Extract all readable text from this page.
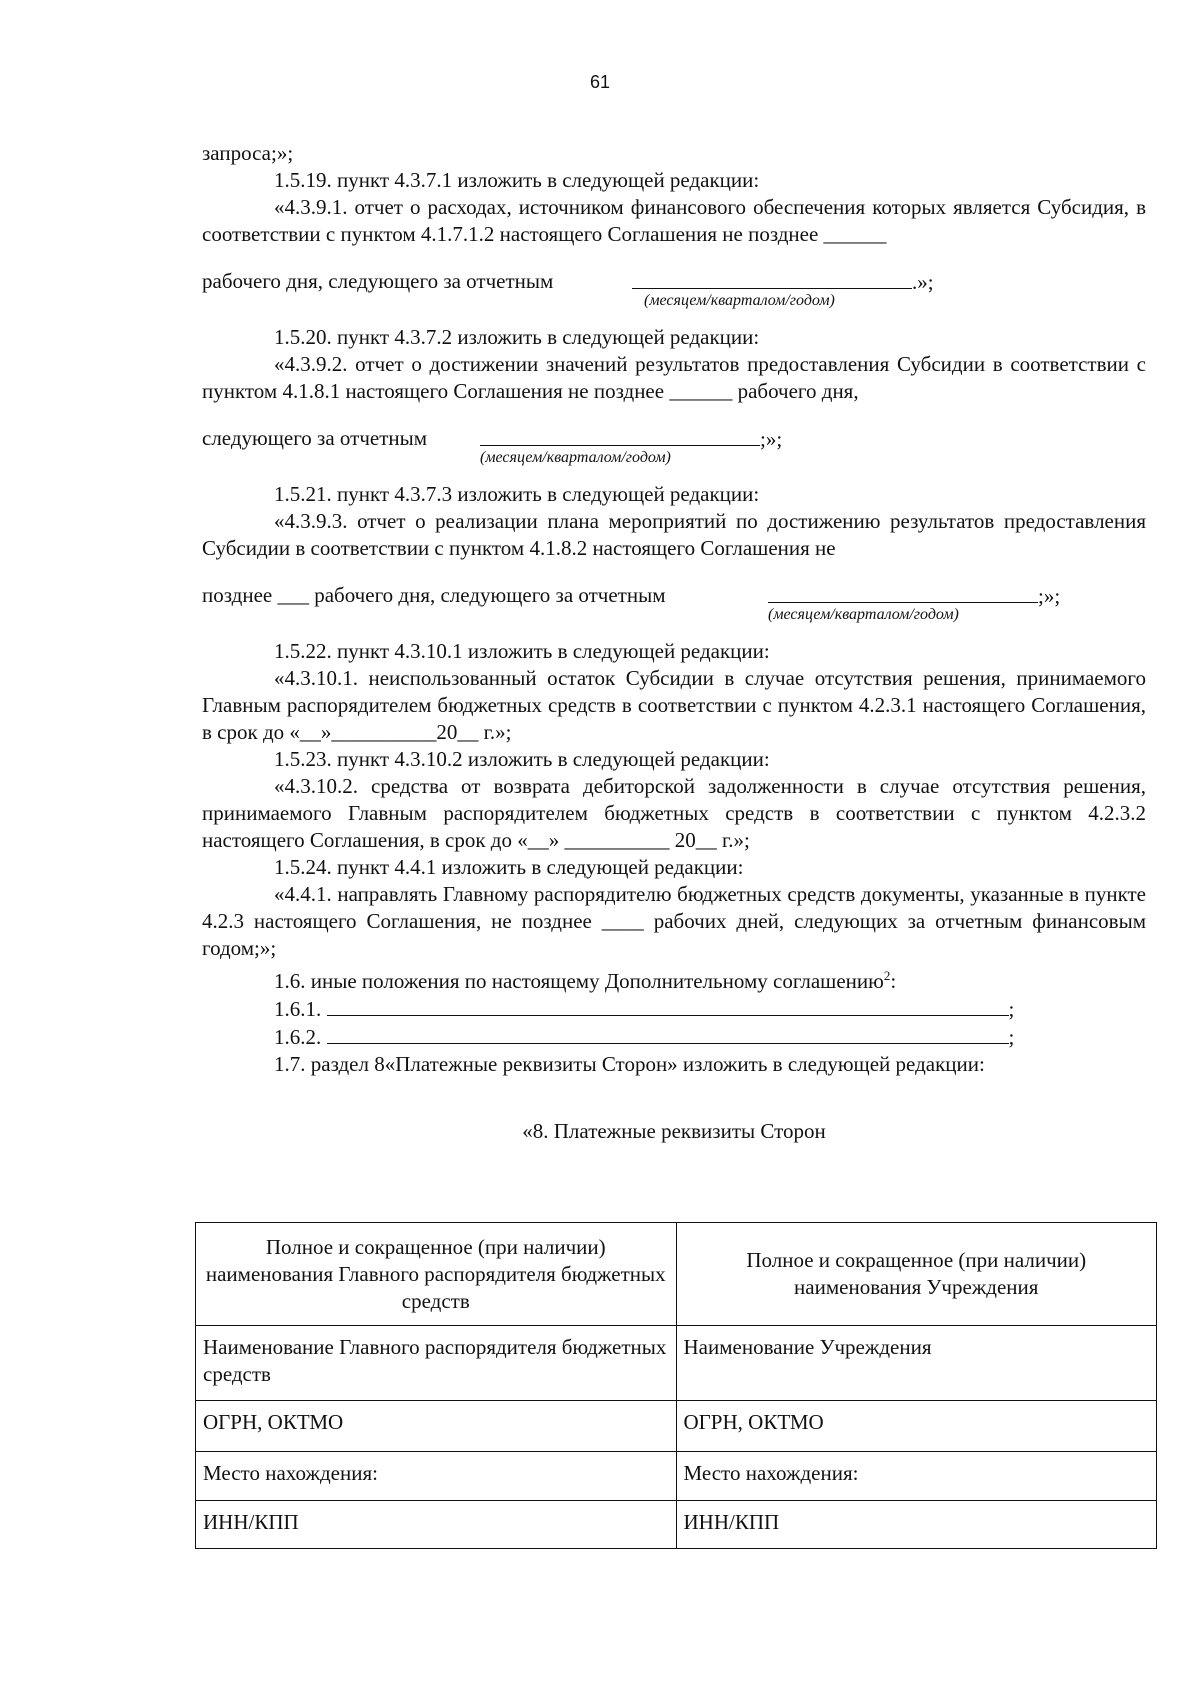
61

запроса;»;

1.5.19. пункт 4.3.7.1 изложить в следующей редакции:

«4.3.9.1. отчет о расходах, источником финансового обеспечения которых является Субсидия, в соответствии с пунктом 4.1.7.1.2 настоящего Соглашения не позднее ______

рабочего дня, следующего за отчетным	.»;
(месяцем/кварталом/годом)

1.5.20. пункт 4.3.7.2 изложить в следующей редакции:

«4.3.9.2. отчет о достижении значений результатов предоставления Субсидии в соответствии с пунктом 4.1.8.1 настоящего Соглашения не позднее ______ рабочего дня,

следующего за отчетным	;»;
(месяцем/кварталом/годом)

1.5.21. пункт 4.3.7.3 изложить в следующей редакции:

«4.3.9.3. отчет о реализации плана мероприятий по достижению результатов предоставления Субсидии в соответствии с пунктом 4.1.8.2 настоящего Соглашения не

позднее ___ рабочего дня, следующего за отчетным	;»;
(месяцем/кварталом/годом)

1.5.22. пункт 4.3.10.1 изложить в следующей редакции:

«4.3.10.1. неиспользованный остаток Субсидии в случае отсутствия решения, принимаемого Главным распорядителем бюджетных средств в соответствии с пунктом 4.2.3.1 настоящего Соглашения, в срок до «__»__________20__ г.»;

1.5.23. пункт 4.3.10.2 изложить в следующей редакции:

«4.3.10.2. средства от возврата дебиторской задолженности в случае отсутствия решения, принимаемого Главным распорядителем бюджетных средств в соответствии с пунктом 4.2.3.2 настоящего Соглашения, в срок до «__» __________ 20__ г.»;

1.5.24. пункт 4.4.1 изложить в следующей редакции:

«4.4.1. направлять Главному распорядителю бюджетных средств документы, указанные в пункте 4.2.3 настоящего Соглашения, не позднее ____ рабочих дней, следующих за отчетным финансовым годом;»;

1.6. иные положения по настоящему Дополнительному соглашению$^2$:

1.6.1.	;

1.6.2.	;

1.7. раздел 8«Платежные реквизиты Сторон» изложить в следующей редакции:

«8. Платежные реквизиты Сторон

Полное и сокращенное (при наличии) наименования Главного распорядителя бюджетных средств	Полное и сокращенное (при наличии) наименования Учреждения
Наименование Главного распорядителя бюджетных средств	Наименование Учреждения
ОГРН, ОКТМО	ОГРН, ОКТМО
Место нахождения:	Место нахождения:
ИНН/КПП	ИНН/КПП
